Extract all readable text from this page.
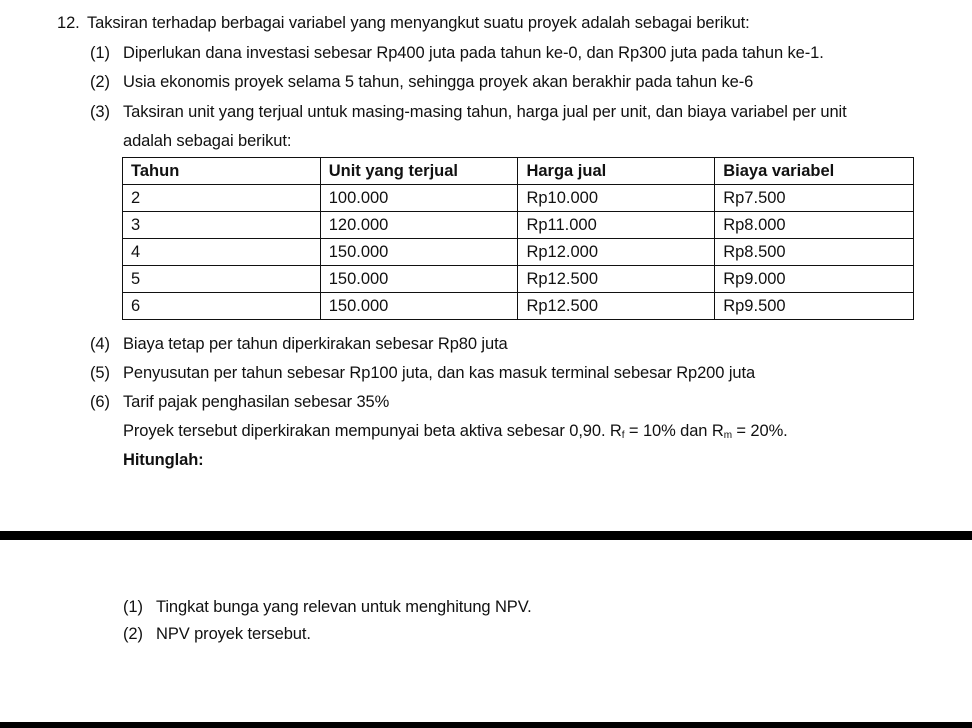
12. Taksiran terhadap berbagai variabel yang menyangkut suatu proyek adalah sebagai berikut:
(1) Diperlukan dana investasi sebesar Rp400 juta pada tahun ke-0, dan Rp300 juta pada tahun ke-1.
(2) Usia ekonomis proyek selama 5 tahun, sehingga proyek akan berakhir pada tahun ke-6
(3) Taksiran unit yang terjual untuk masing-masing tahun, harga jual per unit, dan biaya variabel per unit
adalah sebagai berikut:
Tahun	Unit yang terjual	Harga jual	Biaya variabel
2	100.000	Rp10.000	Rp7.500
3	120.000	Rp11.000	Rp8.000
4	150.000	Rp12.000	Rp8.500
5	150.000	Rp12.500	Rp9.000
6	150.000	Rp12.500	Rp9.500
(4) Biaya tetap per tahun diperkirakan sebesar Rp80 juta
(5) Penyusutan per tahun sebesar Rp100 juta, dan kas masuk terminal sebesar Rp200 juta
(6) Tarif pajak penghasilan sebesar 35%
Proyek tersebut diperkirakan mempunyai beta aktiva sebesar 0,90. $R_f = 10\%$ dan $R_m = 20\%$.
Hitunglah:
(1) Tingkat bunga yang relevan untuk menghitung NPV.
(2) NPV proyek tersebut.
